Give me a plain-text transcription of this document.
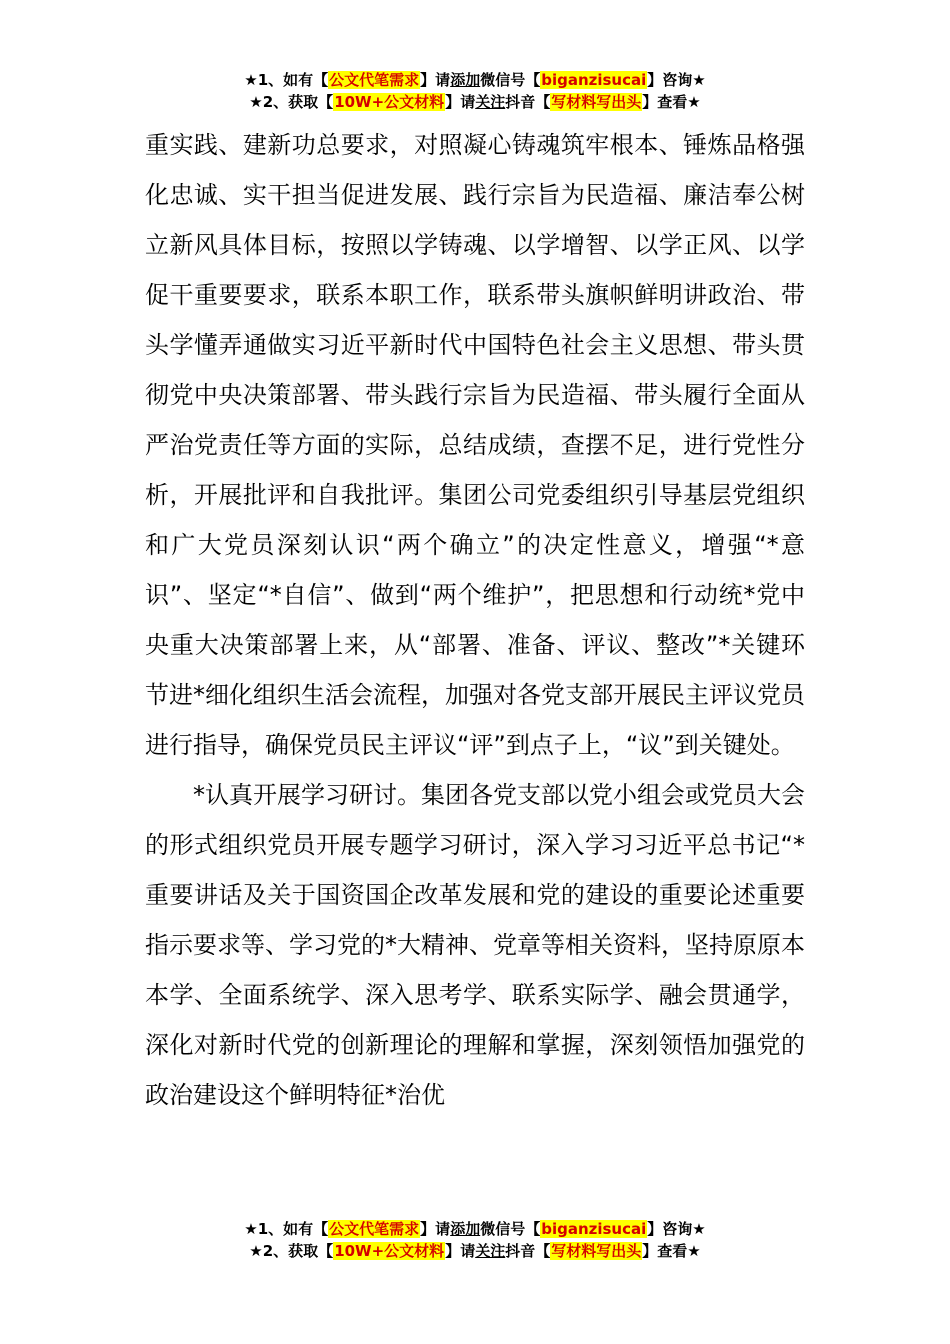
★1、如有【公文代笔需求】请添加微信号【biganzisucai】咨询★
★2、获取【10W+公文材料】请关注抖音【写材料写出头】查看★

重实践、建新功总要求，对照凝心铸魂筑牢根本、锤炼品格强化忠诚、实干担当促进发展、践行宗旨为民造福、廉洁奉公树立新风具体目标，按照以学铸魂、以学增智、以学正风、以学促干重要要求，联系本职工作，联系带头旗帜鲜明讲政治、带头学懂弄通做实习近平新时代中国特色社会主义思想、带头贯彻党中央决策部署、带头践行宗旨为民造福、带头履行全面从严治党责任等方面的实际，总结成绩，查摆不足，进行党性分析，开展批评和自我批评。集团公司党委组织引导基层党组织和广大党员深刻认识“两个确立”的决定性意义，增强“*意识”、坚定“*自信”、做到“两个维护”，把思想和行动统*党中央重大决策部署上来，从“部署、准备、评议、整改”*关键环节进*细化组织生活会流程，加强对各党支部开展民主评议党员进行指导，确保党员民主评议“评”到点子上，“议”到关键处。

*认真开展学习研讨。集团各党支部以党小组会或党员大会的形式组织党员开展专题学习研讨，深入学习习近平总书记“*重要讲话及关于国资国企改革发展和党的建设的重要论述重要指示要求等、学习党的*大精神、党章等相关资料，坚持原原本本学、全面系统学、深入思考学、联系实际学、融会贯通学，深化对新时代党的创新理论的理解和掌握，深刻领悟加强党的政治建设这个鲜明特征*治优

★1、如有【公文代笔需求】请添加微信号【biganzisucai】咨询★
★2、获取【10W+公文材料】请关注抖音【写材料写出头】查看★
